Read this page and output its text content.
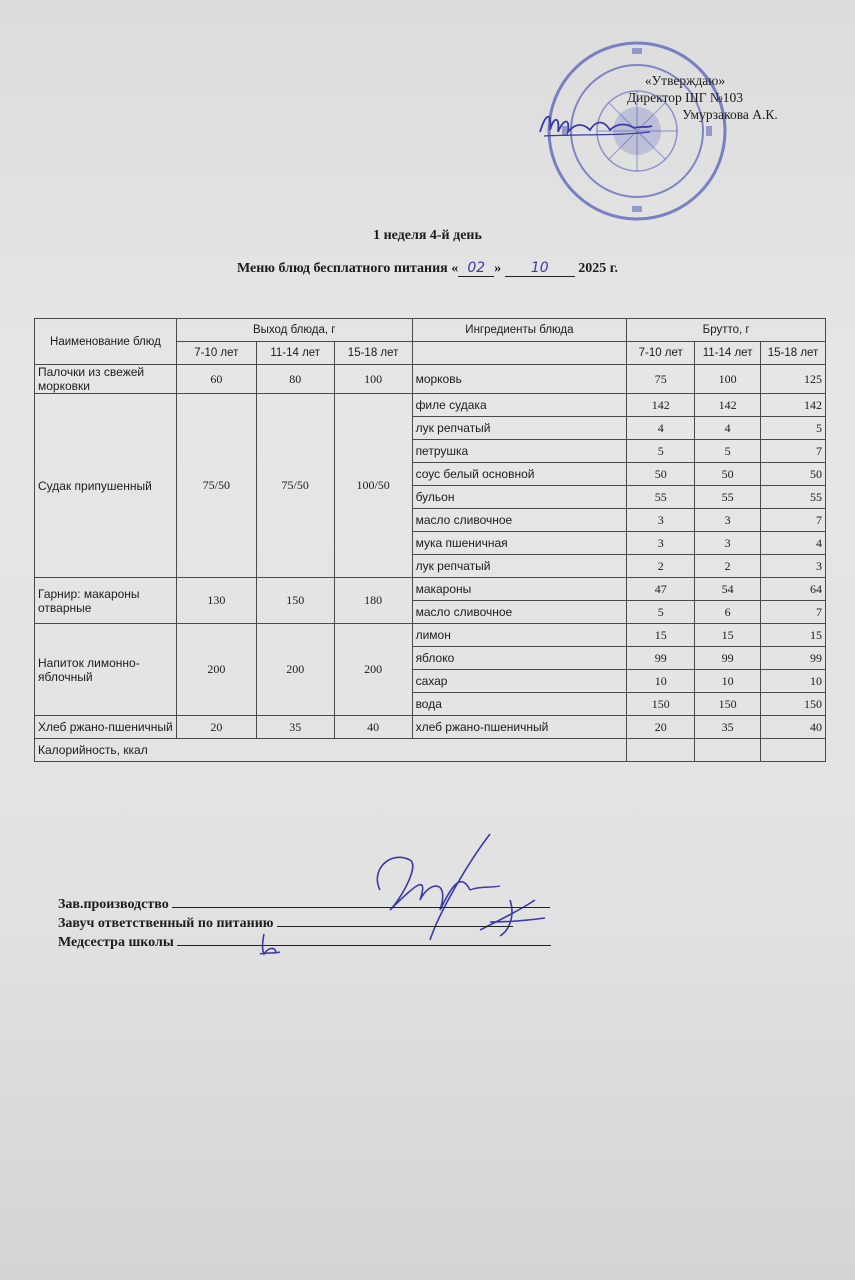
«Утверждаю»
Директор ШГ №103
Умурзакова А.К.
1 неделя 4-й день
Меню блюд бесплатного питания « 02 » 10 2025 г.
Наименование блюд	Выход блюда, г			Ингредиенты блюда	Брутто, г		
	7-10 лет	11-14 лет	15-18 лет		7-10 лет	11-14 лет	15-18 лет
Палочки из свежей морковки	60	80	100	морковь	75	100	125
Судак припушенный	75/50	75/50	100/50	филе судака	142	142	142
				лук репчатый	4	4	5
				петрушка	5	5	7
				соус белый основной	50	50	50
				бульон	55	55	55
				масло сливочное	3	3	7
				мука пшеничная	3	3	4
				лук репчатый	2	2	3
Гарнир: макароны отварные	130	150	180	макароны	47	54	64
				масло сливочное	5	6	7
Напиток лимонно-яблочный	200	200	200	лимон	15	15	15
				яблоко	99	99	99
				сахар	10	10	10
				вода	150	150	150
Хлеб ржано-пшеничный	20	35	40	хлеб ржано-пшеничный	20	35	40
Калорийность, ккал							
Зав.производство
Завуч ответственный по питанию
Медсестра школы
